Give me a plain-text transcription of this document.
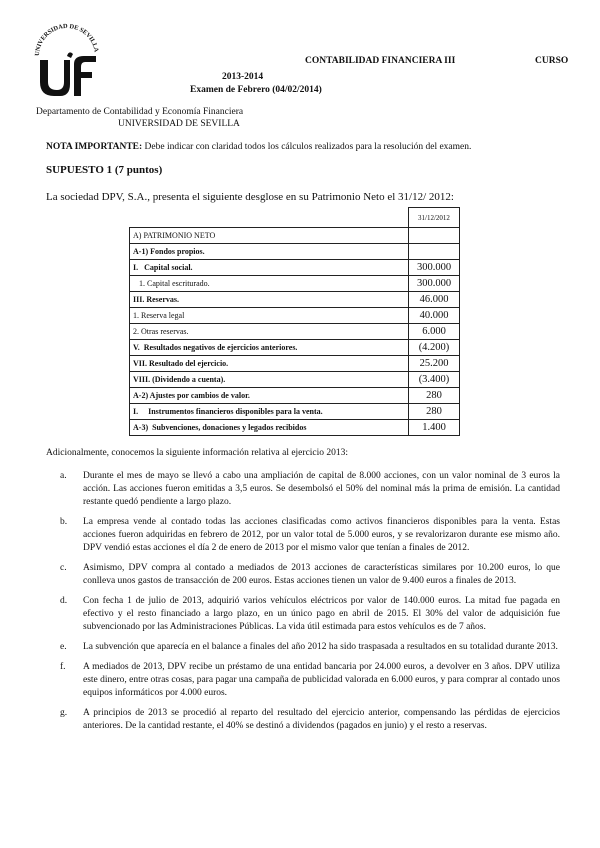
UNIVERSIDAD DE SEVILLA
CONTABILIDAD FINANCIERA III	CURSO
2013-2014
Examen de Febrero (04/02/2014)
Departamento de Contabilidad y Economía Financiera
UNIVERSIDAD DE SEVILLA
NOTA IMPORTANTE: Debe indicar con claridad todos los cálculos realizados para la resolución del examen.
SUPUESTO 1 (7 puntos)
La sociedad DPV, S.A., presenta el siguiente desglose en su Patrimonio Neto el 31/12/ 2012:
	31/12/2012
A) PATRIMONIO NETO	
A-1) Fondos propios.	
I.   Capital social.	300.000
1. Capital escriturado.	300.000
III. Reservas.	46.000
1. Reserva legal	40.000
2. Otras reservas.	6.000
V.  Resultados negativos de ejercicios anteriores.	(4.200)
VII. Resultado del ejercicio.	25.200
VIII. (Dividendo a cuenta).	(3.400)
A-2) Ajustes por cambios de valor.	280
I.     Instrumentos financieros disponibles para la venta.	280
A-3)  Subvenciones, donaciones y legados recibidos	1.400
Adicionalmente, conocemos la siguiente información relativa al ejercicio 2013:
a.	Durante el mes de mayo se llevó a cabo una ampliación de capital de 8.000 acciones, con un valor nominal de 3 euros la acción. Las acciones fueron emitidas a 3,5 euros. Se desembolsó el 50% del nominal más la prima de emisión. La cantidad restante quedó pendiente a largo plazo.
b.	La empresa vende al contado todas las acciones clasificadas como activos financieros disponibles para la venta. Estas acciones fueron adquiridas en febrero de 2012, por un valor total de 5.000 euros, y se revalorizaron durante ese mismo año. DPV vendió estas acciones el día 2 de enero de 2013 por el mismo valor que tenían a finales de 2012.
c.	Asimismo, DPV compra al contado a mediados de 2013 acciones de características similares por 10.200 euros, lo que conlleva unos gastos de transacción de 200 euros. Estas acciones tienen un valor de 9.400 euros a finales de 2013.
d.	Con fecha 1 de julio de 2013, adquirió varios vehículos eléctricos por valor de 140.000 euros. La mitad fue pagada en efectivo y el resto financiado a largo plazo, en un único pago en abril de 2015. El 30% del valor de adquisición fue subvencionado por las Administraciones Públicas. La vida útil estimada para estos vehículos es de 7 años.
e.	La subvención que aparecía en el balance a finales del año 2012 ha sido traspasada a resultados en su totalidad durante 2013.
f.	A mediados de 2013, DPV recibe un préstamo de una entidad bancaria por 24.000 euros, a devolver en 3 años. DPV utiliza este dinero, entre otras cosas, para pagar una campaña de publicidad valorada en 6.000 euros, y para comprar al contado unos equipos informáticos por 4.000 euros.
g.	A principios de 2013 se procedió al reparto del resultado del ejercicio anterior, compensando las pérdidas de ejercicios anteriores. De la cantidad restante, el 40% se destinó a dividendos (pagados en junio) y el resto a reservas.
